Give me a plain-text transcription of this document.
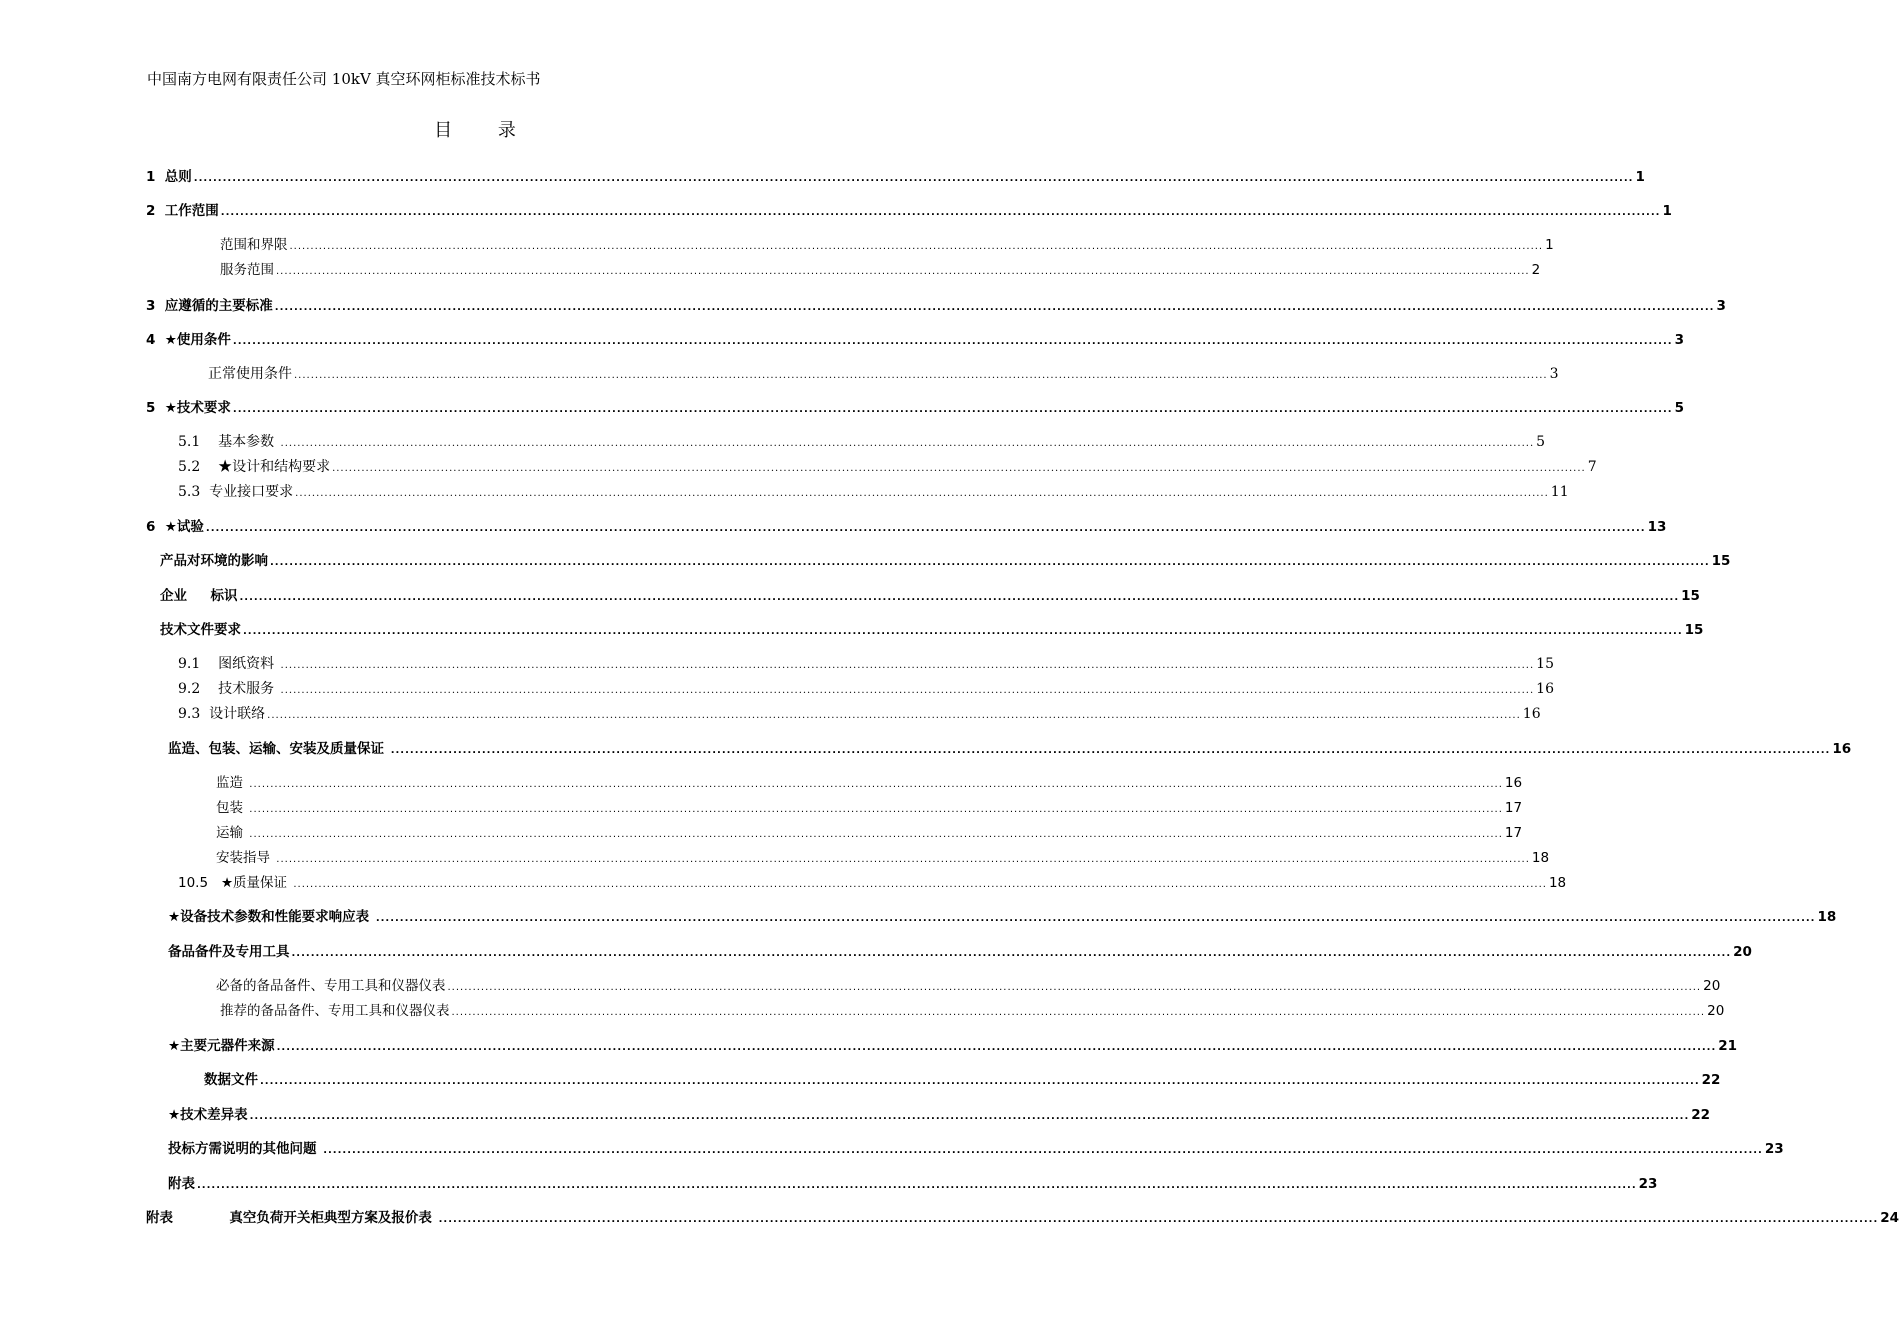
中国南方电网有限责任公司 10kV 真空环网柜标准技术标书
目 录
1 总则 ............................................................................................................................................................................................................................................................................................................ 1
2 工作范围 ............................................................................................................................................................................................................................................................................................................ 1
范围和界限 ............................................................................................................................................................................................................................................................................................................ 1
服务范围 ............................................................................................................................................................................................................................................................................................................ 2
3 应遵循的主要标准 ............................................................................................................................................................................................................................................................................................................ 3
4 ★使用条件 ............................................................................................................................................................................................................................................................................................................ 3
正常使用条件 ............................................................................................................................................................................................................................................................................................................ 3
5 ★技术要求 ............................................................................................................................................................................................................................................................................................................ 5
5.1 基本参数 ............................................................................................................................................................................................................................................................................................................ 5
5.2 ★设计和结构要求 ............................................................................................................................................................................................................................................................................................................ 7
5.3 专业接口要求 ............................................................................................................................................................................................................................................................................................................ 11
6 ★试验 ............................................................................................................................................................................................................................................................................................................ 13
产品对环境的影响 ............................................................................................................................................................................................................................................................................................................ 15
企业     标识 ............................................................................................................................................................................................................................................................................................................ 15
技术文件要求 ............................................................................................................................................................................................................................................................................................................ 15
9.1 图纸资料 ............................................................................................................................................................................................................................................................................................................ 15
9.2 技术服务 ............................................................................................................................................................................................................................................................................................................ 16
9.3 设计联络 ............................................................................................................................................................................................................................................................................................................ 16
监造、包装、运输、安装及质量保证 ............................................................................................................................................................................................................................................................................................................ 16
监造 ............................................................................................................................................................................................................................................................................................................ 16
包装 ............................................................................................................................................................................................................................................................................................................ 17
运输 ............................................................................................................................................................................................................................................................................................................ 17
安装指导 ............................................................................................................................................................................................................................................................................................................ 18
10.5 ★质量保证 ............................................................................................................................................................................................................................................................................................................ 18
★设备技术参数和性能要求响应表 ............................................................................................................................................................................................................................................................................................................ 18
备品备件及专用工具 ............................................................................................................................................................................................................................................................................................................ 20
必备的备品备件、专用工具和仪器仪表 ............................................................................................................................................................................................................................................................................................................ 20
推荐的备品备件、专用工具和仪器仪表 ............................................................................................................................................................................................................................................................................................................ 20
★主要元器件来源 ............................................................................................................................................................................................................................................................................................................ 21
数据文件 ............................................................................................................................................................................................................................................................................................................ 22
★技术差异表 ............................................................................................................................................................................................................................................................................................................ 22
投标方需说明的其他问题 ............................................................................................................................................................................................................................................................................................................ 23
附表 ............................................................................................................................................................................................................................................................................................................ 23
附表 真空负荷开关柜典型方案及报价表 ............................................................................................................................................................................................................................................................................................................ 24
